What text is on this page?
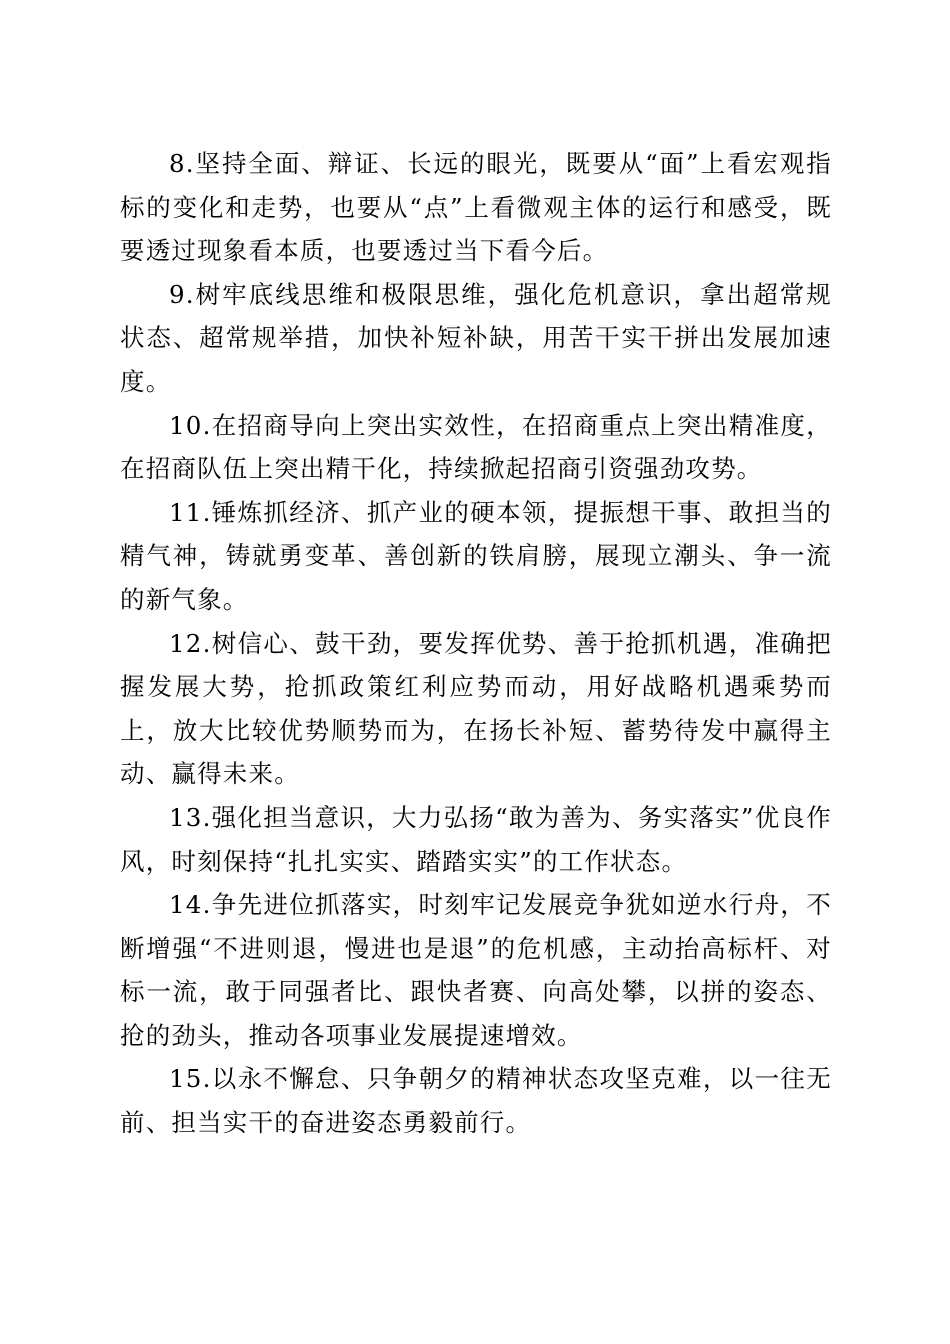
8.坚持全面、辩证、长远的眼光，既要从“面”上看宏观指标的变化和走势，也要从“点”上看微观主体的运行和感受，既要透过现象看本质，也要透过当下看今后。

9.树牢底线思维和极限思维，强化危机意识，拿出超常规状态、超常规举措，加快补短补缺，用苦干实干拼出发展加速度。

10.在招商导向上突出实效性，在招商重点上突出精准度，在招商队伍上突出精干化，持续掀起招商引资强劲攻势。

11.锤炼抓经济、抓产业的硬本领，提振想干事、敢担当的精气神，铸就勇变革、善创新的铁肩膀，展现立潮头、争一流的新气象。

12.树信心、鼓干劲，要发挥优势、善于抢抓机遇，准确把握发展大势，抢抓政策红利应势而动，用好战略机遇乘势而上，放大比较优势顺势而为，在扬长补短、蓄势待发中赢得主动、赢得未来。

13.强化担当意识，大力弘扬“敢为善为、务实落实”优良作风，时刻保持“扎扎实实、踏踏实实”的工作状态。

14.争先进位抓落实，时刻牢记发展竞争犹如逆水行舟，不断增强“不进则退，慢进也是退”的危机感，主动抬高标杆、对标一流，敢于同强者比、跟快者赛、向高处攀，以拼的姿态、抢的劲头，推动各项事业发展提速增效。

15.以永不懈怠、只争朝夕的精神状态攻坚克难，以一往无前、担当实干的奋进姿态勇毅前行。
